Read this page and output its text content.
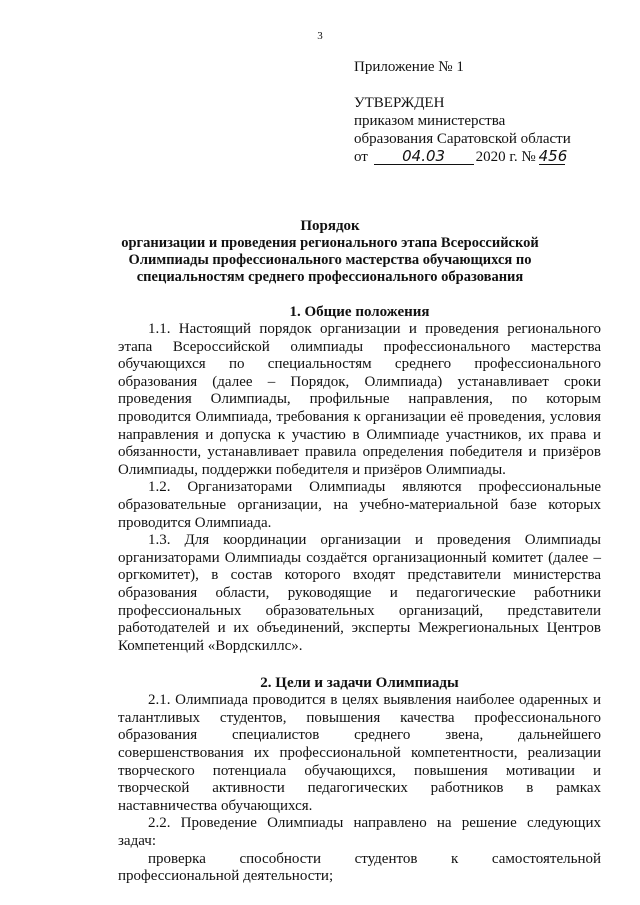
3
Приложение № 1
УТВЕРЖДЕН
приказом министерства
образования Саратовской области
от 04.03 2020 г. № 456
Порядок
организации и проведения регионального этапа Всероссийской
Олимпиады профессионального мастерства обучающихся по
специальностям среднего профессионального образования
1. Общие положения

1.1. Настоящий порядок организации и проведения регионального этапа Всероссийской олимпиады профессионального мастерства обучающихся по специальностям среднего профессионального образования (далее – Порядок, Олимпиада) устанавливает сроки проведения Олимпиады, профильные направления, по которым проводится Олимпиада, требования к организации её проведения, условия направления и допуска к участию в Олимпиаде участников, их права и обязанности, устанавливает правила определения победителя и призёров Олимпиады, поддержки победителя и призёров Олимпиады.

1.2. Организаторами Олимпиады являются профессиональные образовательные организации, на учебно-материальной базе которых проводится Олимпиада.

1.3. Для координации организации и проведения Олимпиады организаторами Олимпиады создаётся организационный комитет (далее – оргкомитет), в состав которого входят представители министерства образования области, руководящие и педагогические работники профессиональных образовательных организаций, представители работодателей и их объединений, эксперты Межрегиональных Центров Компетенций «Вордскиллс».

2. Цели и задачи Олимпиады

2.1. Олимпиада проводится в целях выявления наиболее одаренных и талантливых студентов, повышения качества профессионального образования специалистов среднего звена, дальнейшего совершенствования их профессиональной компетентности, реализации творческого потенциала обучающихся, повышения мотивации и творческой активности педагогических работников в рамках наставничества обучающихся.

2.2. Проведение Олимпиады направлено на решение следующих задач:

проверка способности студентов к самостоятельной профессиональной деятельности;
